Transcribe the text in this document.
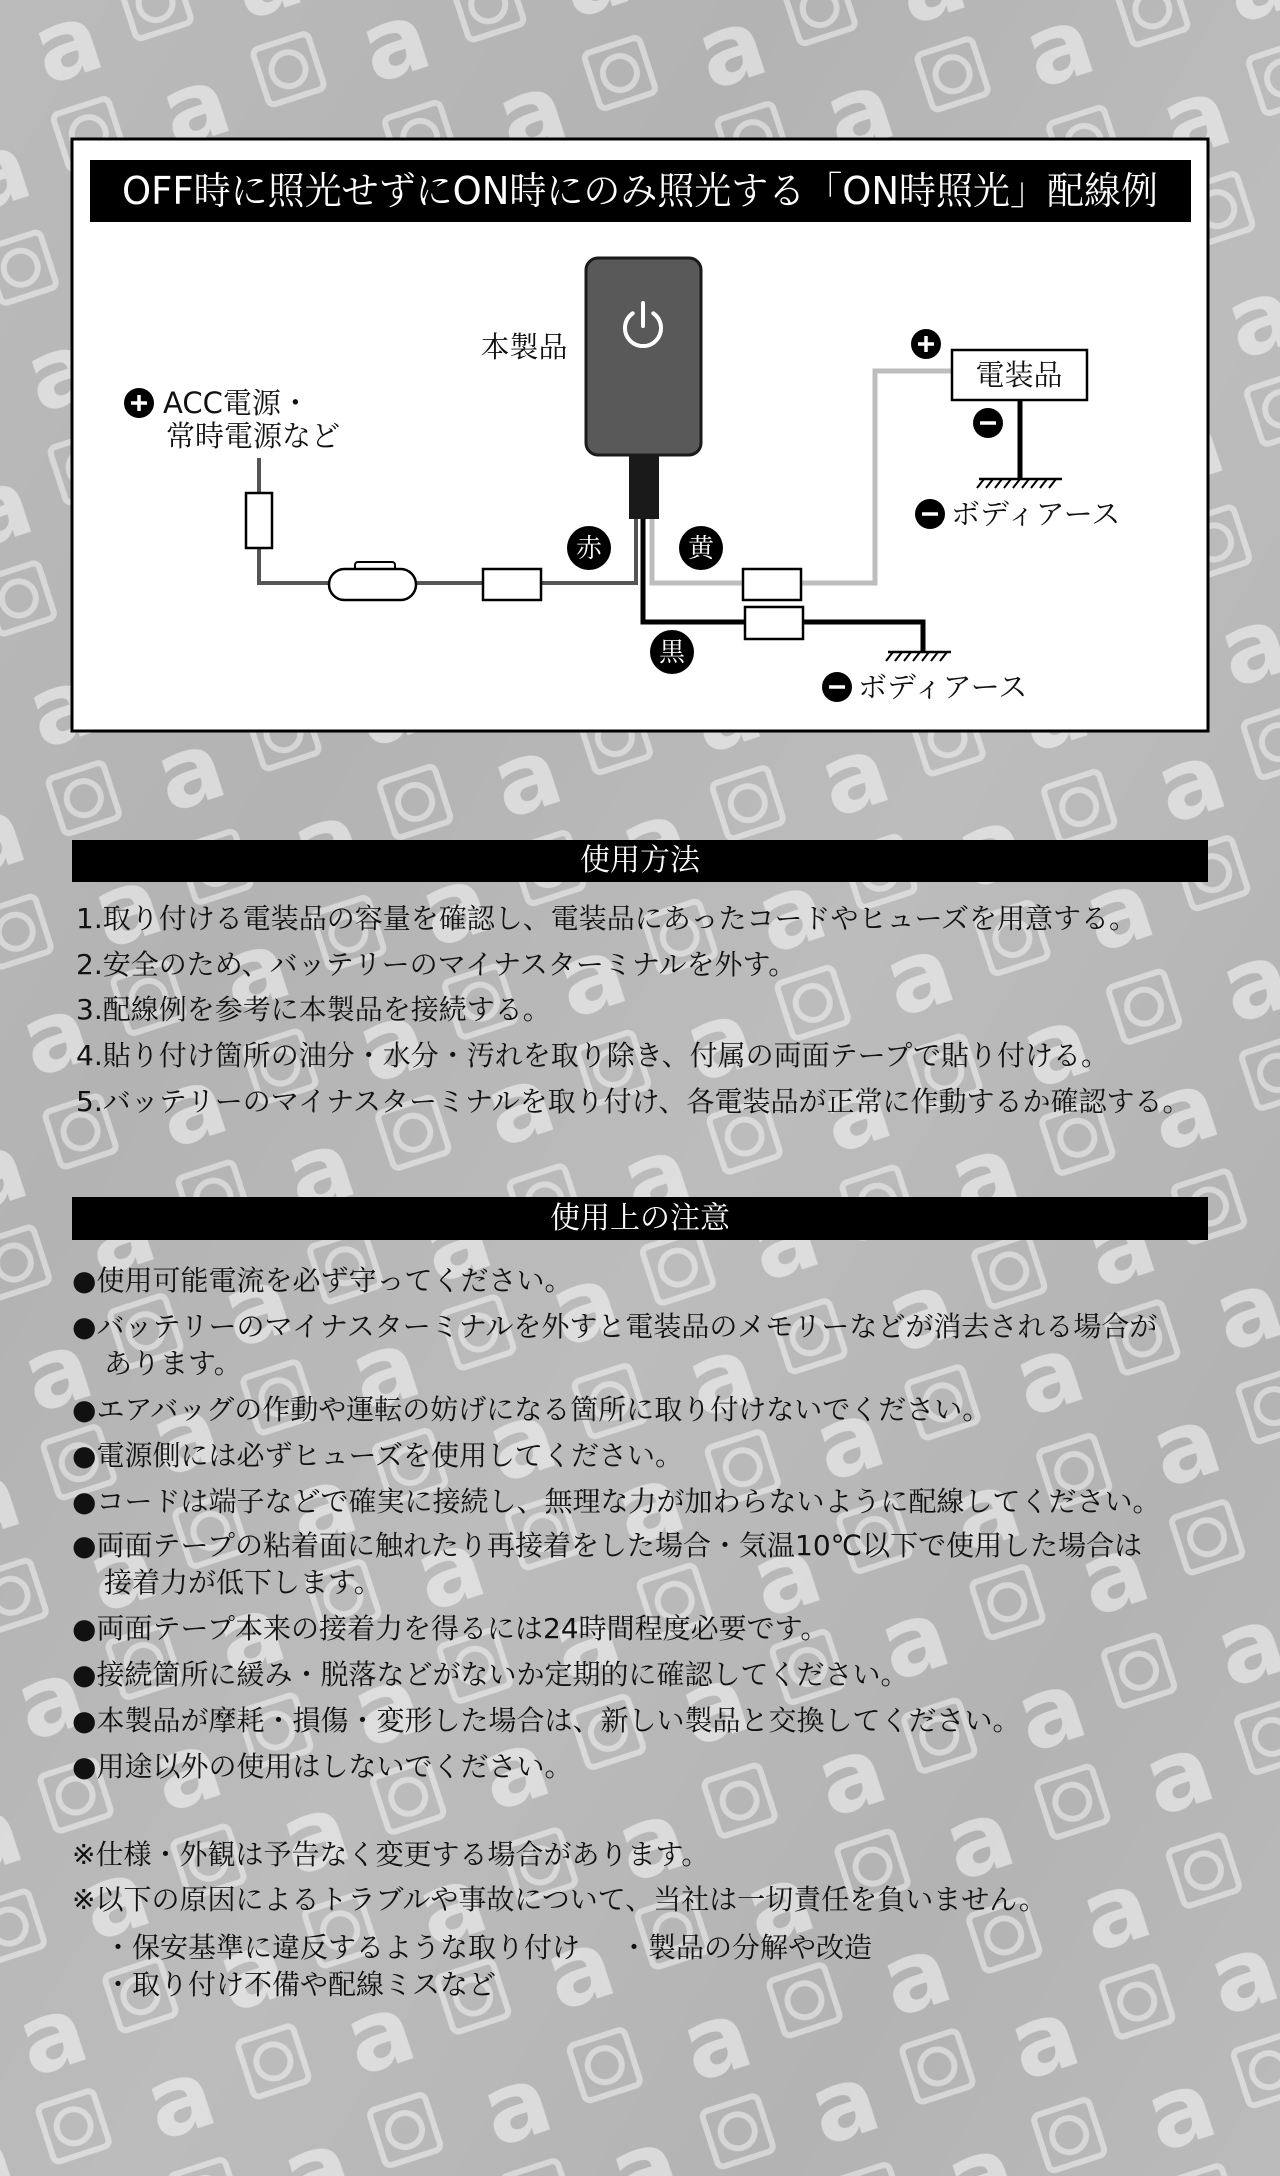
OFF時に照光せずにON時にのみ照光する「ON時照光」配線例
本製品
ACC電源・
常時電源など
赤	黄
黒
電装品
ボディアース
ボディアース
使用方法
1.取り付ける電装品の容量を確認し、電装品にあったコードやヒューズを用意する。
2.安全のため、バッテリーのマイナスターミナルを外す。
3.配線例を参考に本製品を接続する。
4.貼り付け箇所の油分・水分・汚れを取り除き、付属の両面テープで貼り付ける。
5.バッテリーのマイナスターミナルを取り付け、各電装品が正常に作動するか確認する。
使用上の注意
●使用可能電流を必ず守ってください。
●バッテリーのマイナスターミナルを外すと電装品のメモリーなどが消去される場合が
あります。
●エアバッグの作動や運転の妨げになる箇所に取り付けないでください。
●電源側には必ずヒューズを使用してください。
●コードは端子などで確実に接続し、無理な力が加わらないように配線してください。
●両面テープの粘着面に触れたり再接着をした場合・気温10℃以下で使用した場合は
接着力が低下します。
●両面テープ本来の接着力を得るには24時間程度必要です。
●接続箇所に緩み・脱落などがないか定期的に確認してください。
●本製品が摩耗・損傷・変形した場合は、新しい製品と交換してください。
●用途以外の使用はしないでください。
※仕様・外観は予告なく変更する場合があります。
※以下の原因によるトラブルや事故について、当社は一切責任を負いません。
・保安基準に違反するような取り付け ・製品の分解や改造
・取り付け不備や配線ミスなど
